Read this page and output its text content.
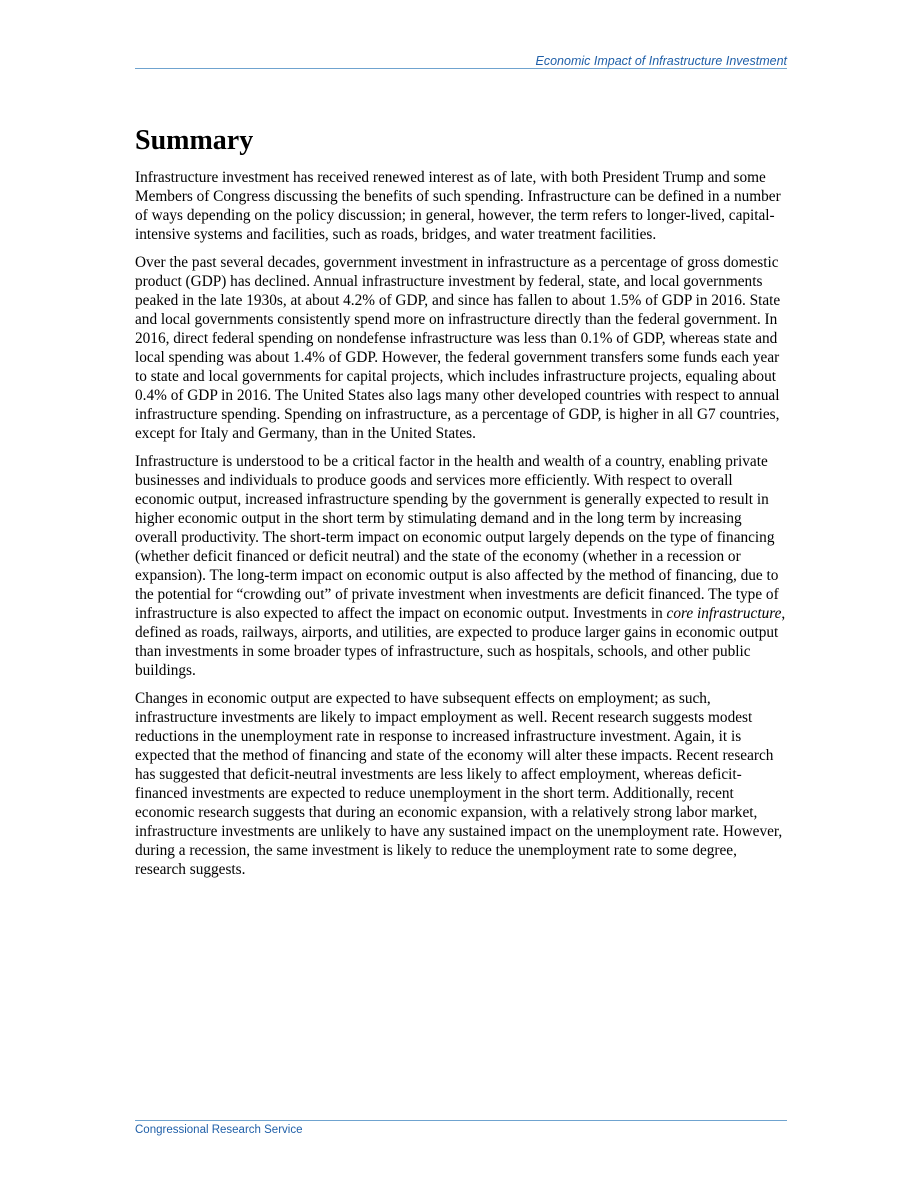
Economic Impact of Infrastructure Investment
Summary

Infrastructure investment has received renewed interest as of late, with both President Trump and some Members of Congress discussing the benefits of such spending. Infrastructure can be defined in a number of ways depending on the policy discussion; in general, however, the term refers to longer-lived, capital-intensive systems and facilities, such as roads, bridges, and water treatment facilities.

Over the past several decades, government investment in infrastructure as a percentage of gross domestic product (GDP) has declined. Annual infrastructure investment by federal, state, and local governments peaked in the late 1930s, at about 4.2% of GDP, and since has fallen to about 1.5% of GDP in 2016. State and local governments consistently spend more on infrastructure directly than the federal government. In 2016, direct federal spending on nondefense infrastructure was less than 0.1% of GDP, whereas state and local spending was about 1.4% of GDP. However, the federal government transfers some funds each year to state and local governments for capital projects, which includes infrastructure projects, equaling about 0.4% of GDP in 2016. The United States also lags many other developed countries with respect to annual infrastructure spending. Spending on infrastructure, as a percentage of GDP, is higher in all G7 countries, except for Italy and Germany, than in the United States.

Infrastructure is understood to be a critical factor in the health and wealth of a country, enabling private businesses and individuals to produce goods and services more efficiently. With respect to overall economic output, increased infrastructure spending by the government is generally expected to result in higher economic output in the short term by stimulating demand and in the long term by increasing overall productivity. The short-term impact on economic output largely depends on the type of financing (whether deficit financed or deficit neutral) and the state of the economy (whether in a recession or expansion). The long-term impact on economic output is also affected by the method of financing, due to the potential for “crowding out” of private investment when investments are deficit financed. The type of infrastructure is also expected to affect the impact on economic output. Investments in core infrastructure, defined as roads, railways, airports, and utilities, are expected to produce larger gains in economic output than investments in some broader types of infrastructure, such as hospitals, schools, and other public buildings.

Changes in economic output are expected to have subsequent effects on employment; as such, infrastructure investments are likely to impact employment as well. Recent research suggests modest reductions in the unemployment rate in response to increased infrastructure investment. Again, it is expected that the method of financing and state of the economy will alter these impacts. Recent research has suggested that deficit-neutral investments are less likely to affect employment, whereas deficit-financed investments are expected to reduce unemployment in the short term. Additionally, recent economic research suggests that during an economic expansion, with a relatively strong labor market, infrastructure investments are unlikely to have any sustained impact on the unemployment rate. However, during a recession, the same investment is likely to reduce the unemployment rate to some degree, research suggests.

Congressional Research Service
